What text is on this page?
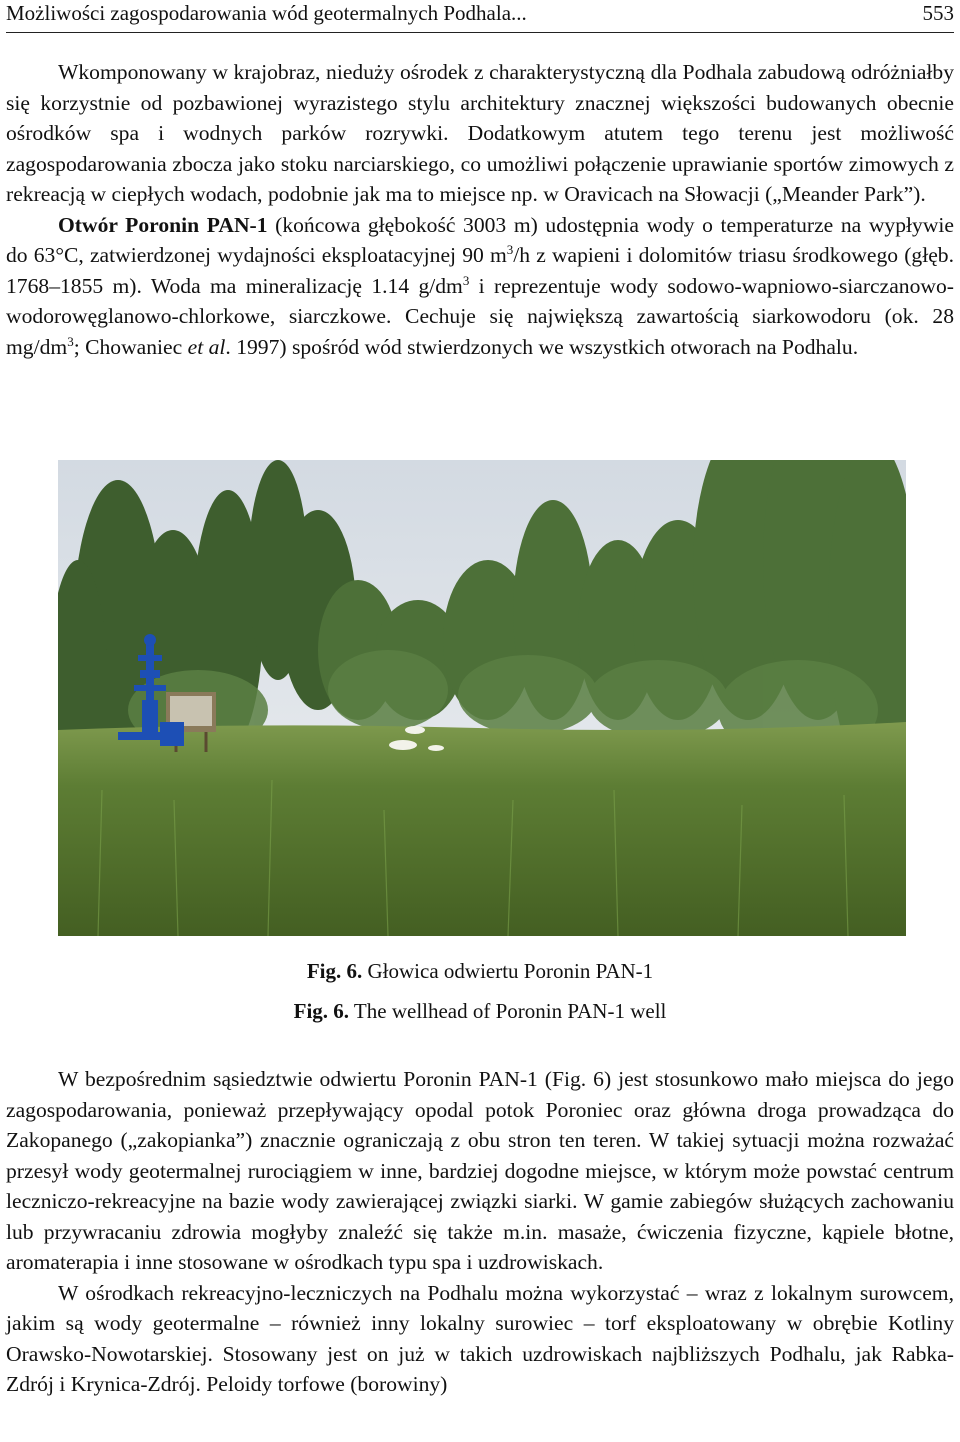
Możliwości zagospodarowania wód geotermalnych Podhala...	553

Wkomponowany w krajobraz, nieduży ośrodek z charakterystyczną dla Podhala zabudową odróżniałby się korzystnie od pozbawionej wyrazistego stylu architektury znacznej większości budowanych obecnie ośrodków spa i wodnych parków rozrywki. Dodatkowym atutem tego terenu jest możliwość zagospodarowania zbocza jako stoku narciarskiego, co umożliwi połączenie uprawianie sportów zimowych z rekreacją w ciepłych wodach, podobnie jak ma to miejsce np. w Oravicach na Słowacji („Meander Park”).

Otwór Poronin PAN-1 (końcowa głębokość 3003 m) udostępnia wody o temperaturze na wypływie do 63°C, zatwierdzonej wydajności eksploatacyjnej 90 $m^3/h$ z wapieni i dolomitów triasu środkowego (głęb. 1768–1855 m). Woda ma mineralizację 1.14 $g/dm^3$ i reprezentuje wody sodowo-wapniowo-siarczanowo-wodorowęglanowo-chlorkowe, siarczkowe. Cechuje się największą zawartością siarkowodoru (ok. 28 $mg/dm^3$; Chowaniec et al. 1997) spośród wód stwierdzonych we wszystkich otworach na Podhalu.

Fig. 6. Głowica odwiertu Poronin PAN-1
Fig. 6. The wellhead of Poronin PAN-1 well

W bezpośrednim sąsiedztwie odwiertu Poronin PAN-1 (Fig. 6) jest stosunkowo mało miejsca do jego zagospodarowania, ponieważ przepływający opodal potok Poroniec oraz główna droga prowadząca do Zakopanego („zakopianka”) znacznie ograniczają z obu stron ten teren. W takiej sytuacji można rozważać przesył wody geotermalnej rurociągiem w inne, bardziej dogodne miejsce, w którym może powstać centrum leczniczo-rekreacyjne na bazie wody zawierającej związki siarki. W gamie zabiegów służących zachowaniu lub przywracaniu zdrowia mogłyby znaleźć się także m.in. masaże, ćwiczenia fizyczne, kąpiele błotne, aromaterapia i inne stosowane w ośrodkach typu spa i uzdrowiskach.

W ośrodkach rekreacyjno-leczniczych na Podhalu można wykorzystać – wraz z lokalnym surowcem, jakim są wody geotermalne – również inny lokalny surowiec – torf eksploatowany w obrębie Kotliny Orawsko-Nowotarskiej. Stosowany jest on już w takich uzdrowiskach najbliższych Podhalu, jak Rabka-Zdrój i Krynica-Zdrój. Peloidy torfowe (borowiny)
